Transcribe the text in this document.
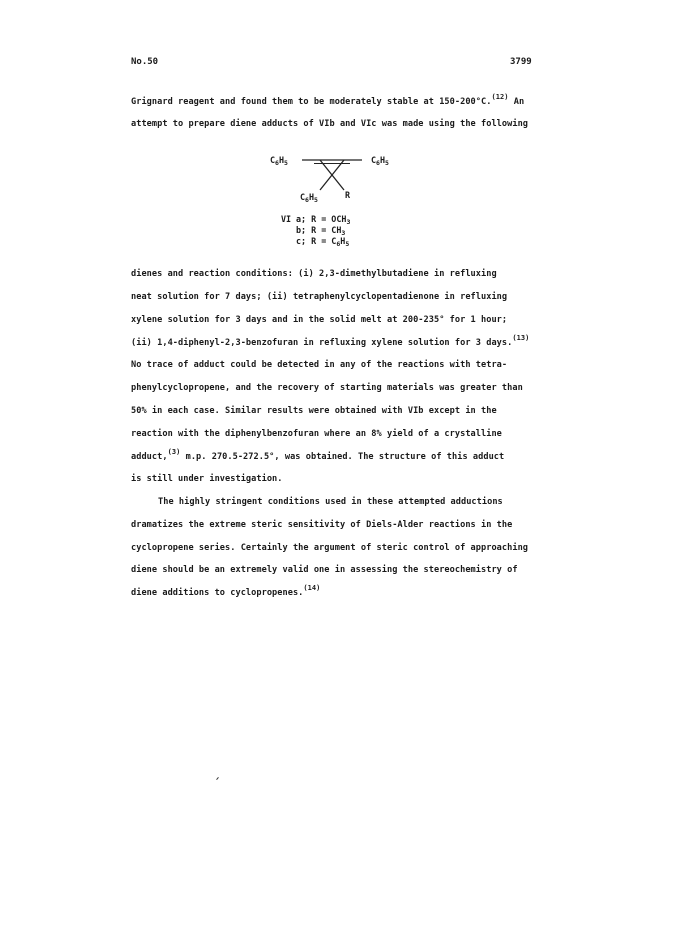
No.50	3799
Grignard reagent and found them to be moderately stable at 150-200°C.$^{(12)}$ An
attempt to prepare diene adducts of VIb and VIc was made using the following
$C_6H_5$	$C_6H_5$
$C_6H_5$	R
VI a; $R = OCH_3$
b; $R = CH_3$
c; $R = C_6H_5$
dienes and reaction conditions: (i) 2,3-dimethylbutadiene in refluxing
neat solution for 7 days; (ii) tetraphenylcyclopentadienone in refluxing
xylene solution for 3 days and in the solid melt at 200-235° for 1 hour;
(ii) 1,4-diphenyl-2,3-benzofuran in refluxing xylene solution for 3 days.$^{(13)}$
No trace of adduct could be detected in any of the reactions with tetra-
phenylcyclopropene, and the recovery of starting materials was greater than
50% in each case. Similar results were obtained with VIb except in the
reaction with the diphenylbenzofuran where an 8% yield of a crystalline
adduct,$^{(3)}$ m.p. 270.5-272.5°, was obtained. The structure of this adduct
is still under investigation.
The highly stringent conditions used in these attempted adductions
dramatizes the extreme steric sensitivity of Diels-Alder reactions in the
cyclopropene series. Certainly the argument of steric control of approaching
diene should be an extremely valid one in assessing the stereochemistry of
diene additions to cyclopropenes.$^{(14)}$
